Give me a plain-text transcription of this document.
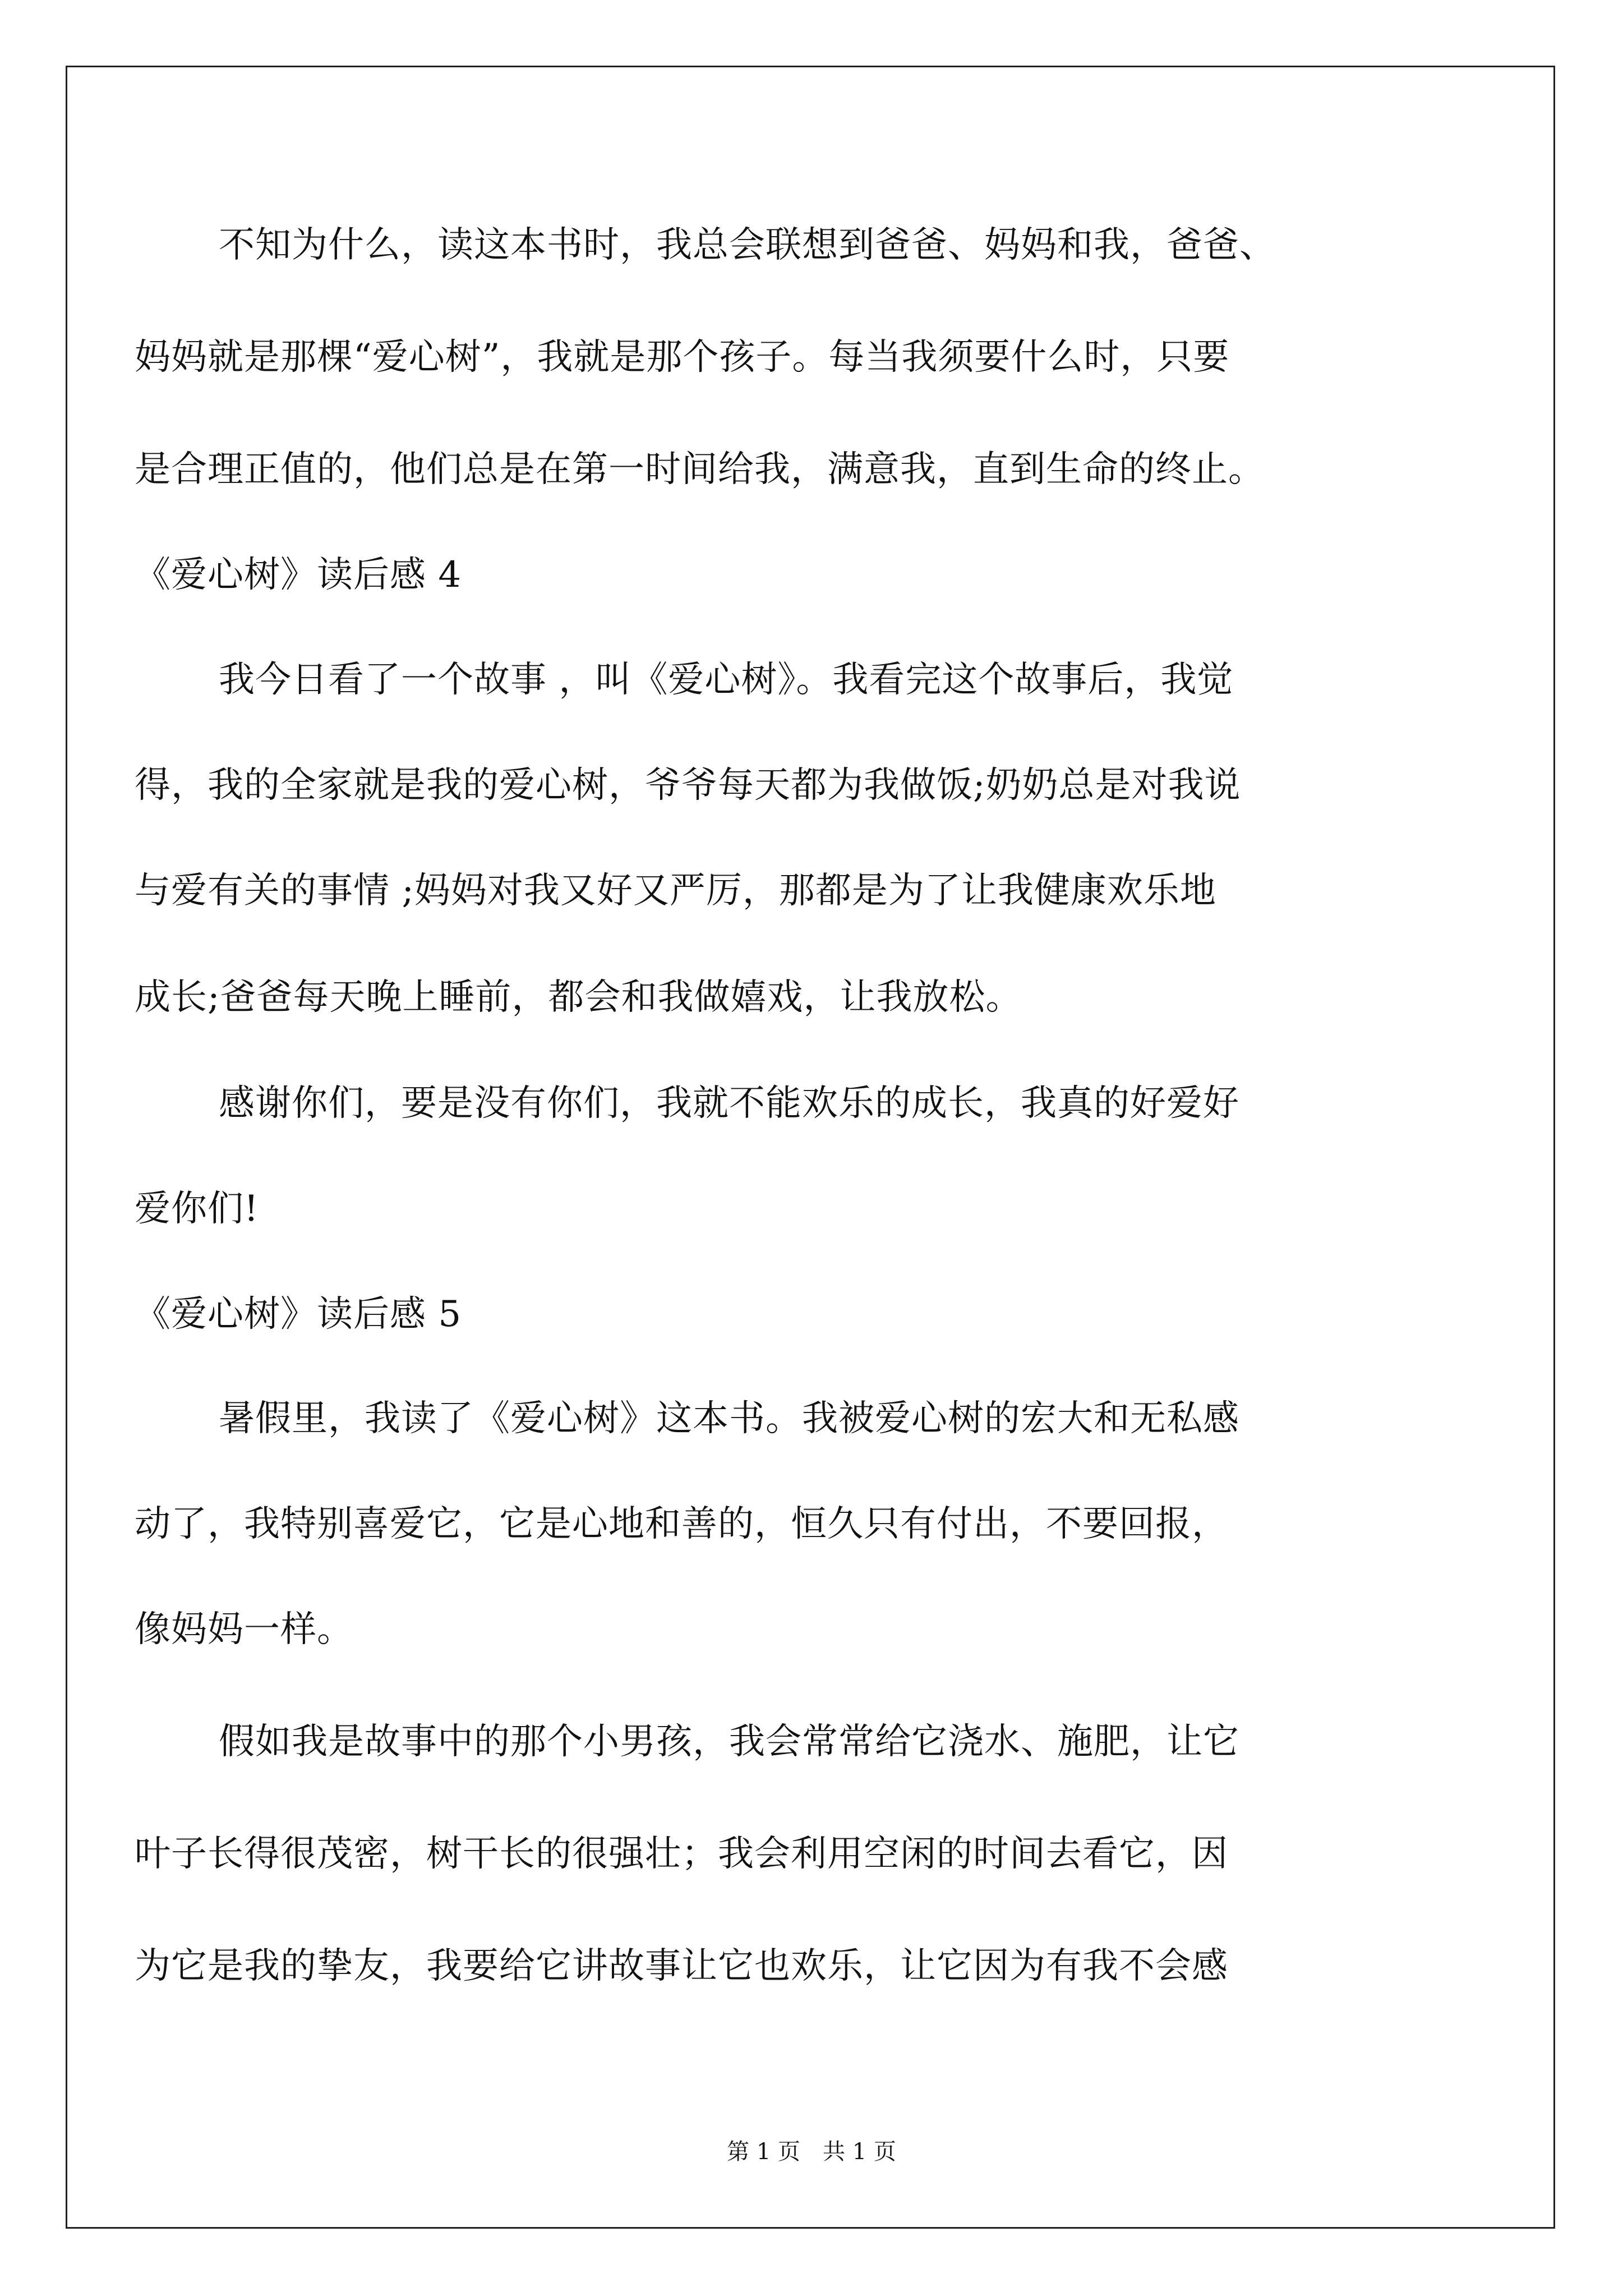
不知为什么，读这本书时，我总会联想到爸爸、妈妈和我，爸爸、
妈妈就是那棵“爱心树”，我就是那个孩子。每当我须要什么时，只要
是合理正值的，他们总是在第一时间给我，满意我，直到生命的终止。
《爱心树》读后感 4
我今日看了一个故事 ，叫《爱心树》。我看完这个故事后，我觉
得，我的全家就是我的爱心树，爷爷每天都为我做饭;奶奶总是对我说
与爱有关的事情 ;妈妈对我又好又严厉，那都是为了让我健康欢乐地
成长;爸爸每天晚上睡前，都会和我做嬉戏，让我放松。
感谢你们，要是没有你们，我就不能欢乐的成长，我真的好爱好
爱你们!
《爱心树》读后感 5
暑假里，我读了《爱心树》这本书。我被爱心树的宏大和无私感
动了，我特别喜爱它，它是心地和善的，恒久只有付出，不要回报，
像妈妈一样。
假如我是故事中的那个小男孩，我会常常给它浇水、施肥，让它
叶子长得很茂密，树干长的很强壮；我会利用空闲的时间去看它，因
为它是我的挚友，我要给它讲故事让它也欢乐，让它因为有我不会感
第 1 页　共 1 页
